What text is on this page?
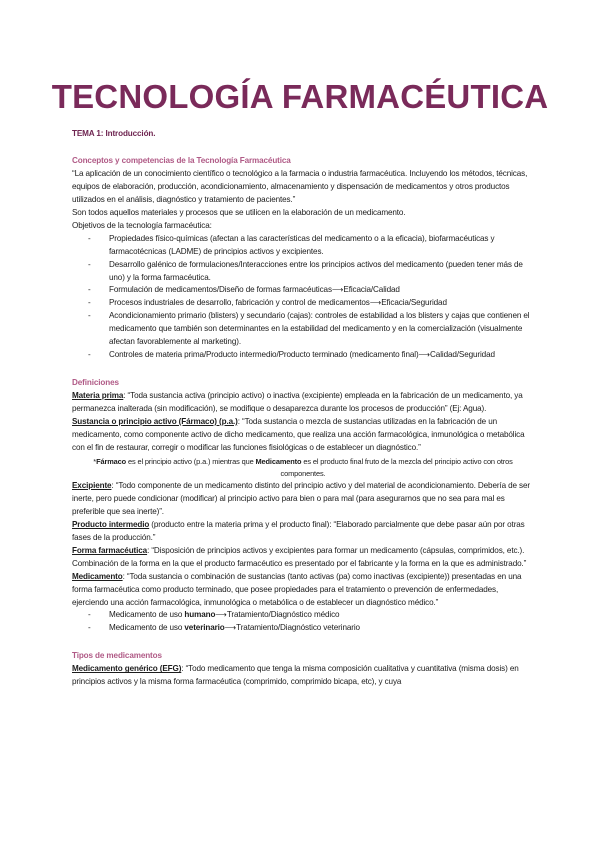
TECNOLOGÍA FARMACÉUTICA

TEMA 1: Introducción.

Conceptos y competencias de la Tecnología Farmacéutica

“La aplicación de un conocimiento científico o tecnológico a la farmacia o industria farmacéutica. Incluyendo los métodos, técnicas, equipos de elaboración, producción, acondicionamiento, almacenamiento y dispensación de medicamentos y otros productos utilizados en el análisis, diagnóstico y tratamiento de pacientes.”

Son todos aquellos materiales y procesos que se utilicen en la elaboración de un medicamento.

Objetivos de la tecnología farmacéutica:

- Propiedades físico-químicas (afectan a las características del medicamento o a la eficacia), biofarmacéuticas y farmacotécnicas (LADME) de principios activos y excipientes.
- Desarrollo galénico de formulaciones/Interacciones entre los principios activos del medicamento (pueden tener más de uno) y la forma farmacéutica.
- Formulación de medicamentos/Diseño de formas farmacéuticas⟶Eficacia/Calidad
- Procesos industriales de desarrollo, fabricación y control de medicamentos⟶Eficacia/Seguridad
- Acondicionamiento primario (blisters) y secundario (cajas): controles de estabilidad a los blisters y cajas que contienen el medicamento que también son determinantes en la estabilidad del medicamento y en la comercialización (visualmente afectan favorablemente al marketing).
- Controles de materia prima/Producto intermedio/Producto terminado (medicamento final)⟶Calidad/Seguridad

Definiciones

Materia prima: “Toda sustancia activa (principio activo) o inactiva (excipiente) empleada en la fabricación de un medicamento, ya permanezca inalterada (sin modificación), se modifique o desaparezca durante los procesos de producción” (Ej: Agua).

Sustancia o principio activo (Fármaco) (p.a.): “Toda sustancia o mezcla de sustancias utilizadas en la fabricación de un medicamento, como componente activo de dicho medicamento, que realiza una acción farmacológica, inmunológica o metabólica con el fin de restaurar, corregir o modificar las funciones fisiológicas o de establecer un diagnóstico.”

*Fármaco es el principio activo (p.a.) mientras que Medicamento es el producto final fruto de la mezcla del principio activo con otros componentes.

Excipiente: “Todo componente de un medicamento distinto del principio activo y del material de acondicionamiento. Debería de ser inerte, pero puede condicionar (modificar) al principio activo para bien o para mal (para asegurarnos que no sea para mal es preferible que sea inerte)”.

Producto intermedio (producto entre la materia prima y el producto final): “Elaborado parcialmente que debe pasar aún por otras fases de la producción.”

Forma farmacéutica: “Disposición de principios activos y excipientes para formar un medicamento (cápsulas, comprimidos, etc.). Combinación de la forma en la que el producto farmacéutico es presentado por el fabricante y la forma en la que es administrado.”

Medicamento: “Toda sustancia o combinación de sustancias (tanto activas (pa) como inactivas (excipiente)) presentadas en una forma farmacéutica como producto terminado, que posee propiedades para el tratamiento o prevención de enfermedades, ejerciendo una acción farmacológica, inmunológica o metabólica o de establecer un diagnóstico médico.”

- Medicamento de uso humano⟶Tratamiento/Diagnóstico médico
- Medicamento de uso veterinario⟶Tratamiento/Diagnóstico veterinario

Tipos de medicamentos

Medicamento genérico (EFG): “Todo medicamento que tenga la misma composición cualitativa y cuantitativa (misma dosis) en principios activos y la misma forma farmacéutica (comprimido, comprimido bicapa, etc), y cuya
